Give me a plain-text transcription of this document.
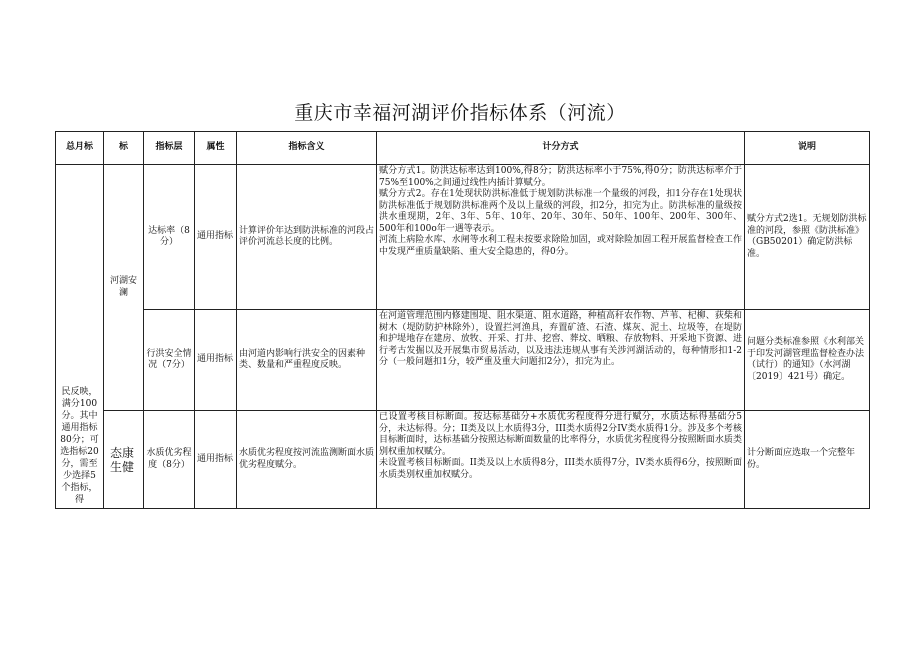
重庆市幸福河湖评价指标体系（河流）
总月标	标	指标层	属性	指标含义	计分方式	说明
民反映，满分100分。其中通用指标80分；可选指标20分，需至少选择5个指标，得	河湖安澜	达标率（8分）	通用指标	计算评价年达到防洪标准的河段占评价河流总长度的比例。	赋分方式1。防洪达标率达到100%,得8分；防洪达标率小于75%,得0分；防洪达标率介于75%至100%之间通过线性内插计算赋分。
赋分方式2。存在1处现状防洪标准低于规划防洪标准一个量级的河段，扣1分存在1处现状防洪标准低于规划防洪标准两个及以上量级的河段，扣2分，扣完为止。防洪标准的量级按洪水重现期，2年、3年、5年、10年、20年、30年、50年、100年、200年、300年、500年和100o年一遇等表示。
河流上病险水库、水闸等水利工程未按要求除险加固，或对除险加固工程开展监督检查工作中发现严重质量缺陷、重大安全隐患的，得0分。	赋分方式2选1。无规划防洪标准的河段，参照《防洪标准》（GB50201）确定防洪标准。
		行洪安全情况（7分）	通用指标	由河道内影响行洪安全的因素种类、数量和严重程度反映。	在河道管理范围内修建围堤、阻水渠道、阻水道路，种植高秆农作物、芦苇、杞柳、荻柴和树木（堤防防护林除外），设置拦河渔具，弃置矿渣、石渣、煤灰、泥土、垃圾等，在堤防和护堤地存在建房、放牧、开采、打井、挖窖、葬坟、晒粮、存放物料、开采地下资源、进行考古发掘以及开展集市贸易活动，以及违法违规从事有关涉河湖活动的，每种情形扣1-2分（一般问题扣1分，较严重及重大问题扣2分），扣完为止。	问题分类标准参照《水利部关于印发河湖管理监督检查办法（试行）的通知》（水河湖〔2019〕421号）确定。
	态康生健	水质优劣程度（8分）	通用指标	水质优劣程度按河流监测断面水质优劣程度赋分。	已设置考核目标断面。按达标基础分+水质优劣程度得分进行赋分，水质达标得基础分5分，未达标得。分；II类及以上水质得3分，III类水质得2分IV类水质得1分。涉及多个考核目标断面时，达标基础分按照达标断面数量的比率得分，水质优劣程度得分按照断面水质类别权重加权赋分。
未设置考核目标断面。II类及以上水质得8分，III类水质得7分，IV类水质得6分，按照断面水质类别权重加权赋分。	计分断面应选取一个完整年份。
